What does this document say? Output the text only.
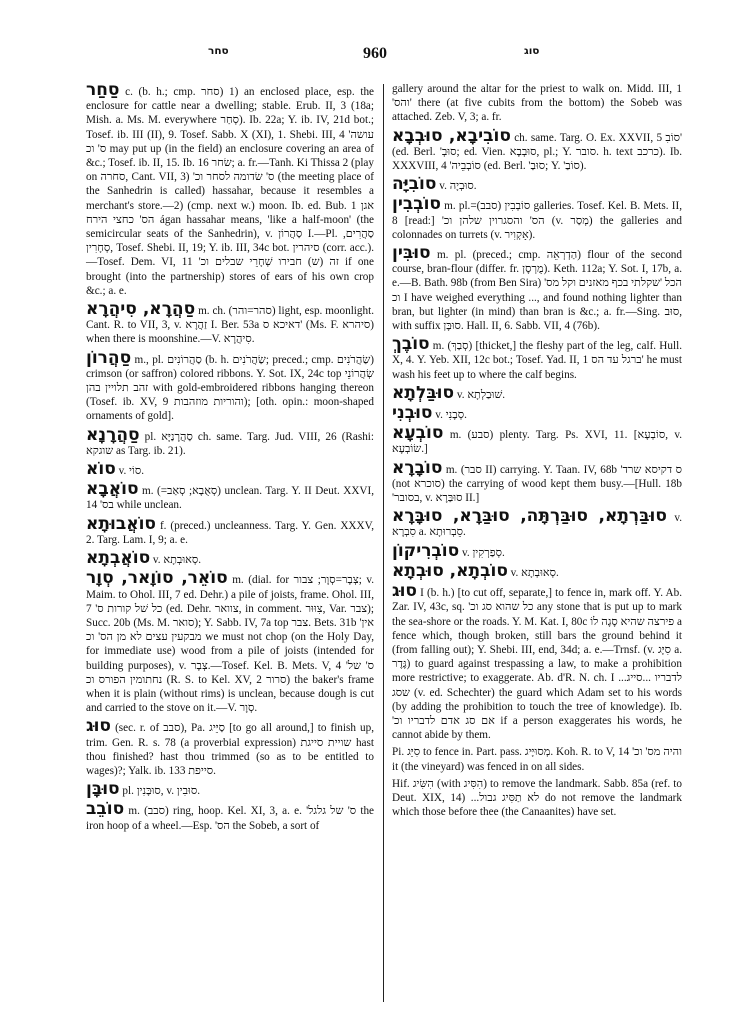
סחר	960	סוג

סַחַר c. (b. h.; cmp. סחר) 1) an enclosed place, esp. the enclosure for cattle near a dwelling; stable. Erub. II, 3 (18a; Mish. a. Ms. M. everywhere סְחַר). Ib. 22a; Y. ib. IV, 21d bot.; Tosef. ib. III (II), 9. Tosef. Sabb. X (XI), 1. Shebi. III, 4 'עושה ס' וכ may put up (in the field) an enclosure covering an area of &c.; Tosef. ib. II, 15. Ib. 16 שׂחר; a. fr.—Tanh. Ki Thissa 2 (play on סחרה, Cant. VII, 3) 'ס' שׂדומה לסחר וכ (the meeting place of the Sanhedrin is called) hassahar, because it resembles a merchant's store.—2) (cmp. next w.) moon. Ib. ed. Bub. 1 אגן הס' כחצי הירח ágan hassahar means, 'like a half-moon' (the semicircular seats of the Sanhedrin), v. סַהֲרוֹן I.—Pl. סַהֲרִים, סְחָרִין, Tosef. Shebi. II, 19; Y. ib. III, 34c bot. סיהרין (corr. acc.).—Tosef. Dem. VI, 11 'זה (ש) חבירו שְׁחָרֵי שבלים וכ if one brought (into the partnership) stores of ears of his own crop &c.; a. e.

סַהֲרָא, סִיהֲרָא m. ch. (סהר=והר) light, esp. moonlight. Cant. R. to VII, 3, v. זַהֲרָא I. Ber. 53a דאיכא ס' (Ms. F. סיהרא) when there is moonshine.—V. סִיהֲרָא.

סַהֲרוֹן m., pl. סַהֲרוֹנִים (b. h. שַׂהֲרֹנִים; preced.; cmp. שַׂהֲרֹנִים) crimson (or saffron) colored ribbons. Y. Sot. IX, 24c top שְׂהֲרוֹנֵי זהב תלויין בהן with gold-embroidered ribbons hanging thereon (Tosef. ib. XV, 9 והוריות מוזהבות); [oth. opin.: moon-shaped ornaments of gold].

סַהֲרָנָא pl. סַהֲרָנַיָּא ch. same. Targ. Jud. VIII, 26 (Rashi: שוגקא as Targ. ib. 21).

סוֹא v. סוֹי.

סוֹאֲבָא m. (=סְאֻבָא; סְאַב) unclean. Targ. Y. II Deut. XXVI, 14 'בס while unclean.

סוֹאֲבוּתָא f. (preced.) uncleanness. Targ. Y. Gen. XXXV, 2. Targ. Lam. I, 9; a. e.

סוֹאֲבְתָא v. סְאוּבְתָא.

סוֹאֵר, סוֹוָאר, סְוָר m. (dial. for צְבָר=סְוָר; צבור; v. Maim. to Ohol. III, 7 ed. Dehr.) a pile of joists, frame. Ohol. III, 7 'כל שׁל קורות ס (ed. Dehr. צוואר, in comment. צִוּוּר, Var. צבר); Succ. 20b (Ms. M. סואר); Y. Sabb. IV, 7a top צבר. Bets. 31b 'אין מבקעין עצים לא מן הס' וכ we must not chop (on the Holy Day, for immediate use) wood from a pile of joists (intended for building purposes), v. צְבָר.—Tosef. Kel. B. Mets. V, 4 'ס' של נחתומין הפורס וכ (R. S. to Kel. XV, 2 סרור) the baker's frame when it is plain (without rims) is unclean, because dough is cut and carried to the stove on it.—V. סְוָר.

סוּג (sec. r. of סבב), Pa. סַיֵּיג [to go all around,] to finish up, trim. Gen. R. s. 78 (a proverbial expression) שויית סייגת hast thou finished? hast thou trimmed (so as to be entitled to wages)?; Yalk. ib. 133 סייפת.

סוּבָּן pl. סוּבָּנִין, v. סוּבִין.

סוֹבֵב m. (סבב) ring, hoop. Kel. XI, 3, a. e. 'ס' של גלגל the iron hoop of a wheel.—Esp. 'הס the Sobeb, a sort of

gallery around the altar for the priest to walk on. Midd. III, 1 'והס' there (at five cubits from the bottom) the Sobeb was attached. Zeb. V, 3; a. fr.

סוֹבִיבָא, סוּבְבָא ch. same. Targ. O. Ex. XXVII, 5 סוֹבִ' (ed. Berl. 'סוּבְ; ed. Vien. סוּבְבָא, pl.; Y. סובר. h. text כרכב). Ib. XXXVIII, 4 'סוֹבְבֵיה (ed. Berl. 'סוּבַ; Y. 'סוֹבַ).

סוֹבִיָּה v. סוּבְיָה.

סוֹבְבִין m. pl.=סוֹבְבִין (סבב) galleries. Tosef. Kel. B. Mets. II, 8 [read:] 'הס' והסגרוין שלהן וכ (v. מְסַר) the galleries and colonnades on turrets (v. אָקְוִיר).

סוּבִּין m. pl. (preced.; cmp. הַדְרְאֵה) flour of the second course, bran-flour (differ. fr. מֻרְסָן). Keth. 112a; Y. Sot. I, 17b, a. e.—B. Bath. 98b (from Ben Sira) הכל 'שקלתי בכף מאזנים וקל מס' וכ I have weighed everything ..., and found nothing lighter than bran, but lighter (in mind) than bran is &c.; a. fr.—Sing. סוּב, with suffix סוּבָּן. Hall. II, 6. Sabb. VII, 4 (76b).

סוֹבֶךְ m. (סְבַךְ) [thicket,] the fleshy part of the leg, calf. Hull. X, 4. Y. Yeb. XII, 12c bot.; Tosef. Yad. II, 1 ברגל עד הס' he must wash his feet up to where the calf begins.

סוּבַּלְתָא v. שׁוּבַלְתָא.

סוּבְנִי v. סְבָנִי.

סוֹבְעָא m. (סבע) plenty. Targ. Ps. XVI, 11. [סוֹבְעָא, v. שׂוֹבְעָא.]

סוֹבָרָא m. (סבר II) carrying. Y. Taan. IV, 68b 'ס דקיסא שרד (not סוכרא) the carrying of wood kept them busy.—[Hull. 18b 'בסובר, v. סוּבַּרָא II.]

סוּבַּרְתָא, סוּבַּרְתָּה, סוּבַּרָא, סוּבָּרָא v. סִבְרָא a. סֵבְרוּתָא.

סוֹבְרִיקוֹן v. סְפַרְקִין.

סוֹבְתָא, סוּבְתָא v. סְאוּבְתָא.

סוּג I (b. h.) [to cut off, separate,] to fence in, mark off. Y. Ab. Zar. IV, 43c, sq. 'כל שהוא סג וכ any stone that is put up to mark the sea-shore or the roads. Y. M. Kat. I, 80c פירצה שהיא סָגָה לוֹ a fence which, though broken, still bars the ground behind it (from falling out); Y. Shebi. III, end, 34d; a. e.—Trnsf. (v. סִיָּג a. גֶּדֶר) to guard against trespassing a law, to make a prohibition more restrictive; to exaggerate. Ab. d'R. N. ch. I ...לדבריו ...סייג שסג (v. ed. Schechter) the guard which Adam set to his words (by adding the prohibition to touch the tree of knowledge). Ib. 'אם סג אדם לדבריו וכ if a person exaggerates his words, he cannot abide by them.

Pi. סִיֵּג to fence in. Part. pass. מְסוּיָּיג. Koh. R. to V, 14 'והיה מס' וכ it (the vineyard) was fenced in on all sides.

Hif. הִשִּׂיג (with הִסִּיג) to remove the landmark. Sabb. 85a (ref. to Deut. XIX, 14) ...לא תַסִּיג גבול do not remove the landmark which those before thee (the Canaanites) have set.
